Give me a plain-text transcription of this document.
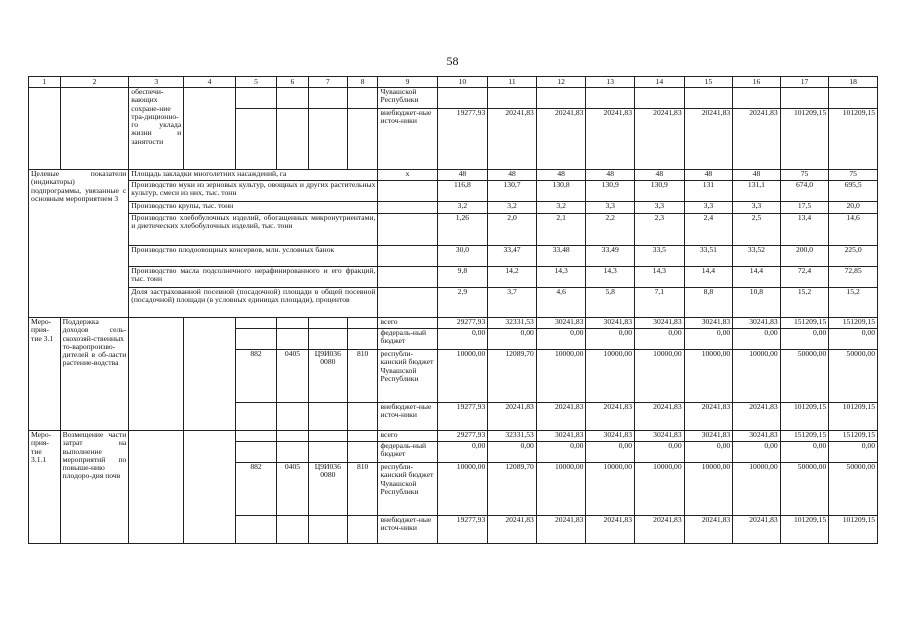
58
1	2	3	4	5	6	7	8	9	10	11	12	13	14	15	16	17	18
		обеспечи-вающих сохране-ние тра-диционно-го уклада жизни и занятости						Чувашской Республики									
								внебюджет-ные источ-ники	19277,93	20241,83	20241,83	20241,83	20241,83	20241,83	20241,83	101209,15	101209,15
Целевые показатели (индикаторы) подпрограммы, увязанные с основным мероприятием 3		Площадь закладки многолетних насаждений, га						х	48	48	48	48	48	48	48	75	75
		Производство муки из зерновых культур, овощных и других растительных культур, смеси из них, тыс. тонн							116,8	130,7	130,8	130,9	130,9	131	131,1	674,0	695,5
		Производство крупы, тыс. тонн							3,2	3,2	3,2	3,3	3,3	3,3	3,3	17,5	20,0
		Производство хлебобулочных изделий, обогащенных микронутриентами, и диетических хлебобулочных изделий, тыс. тонн							1,26	2,0	2,1	2,2	2,3	2,4	2,5	13,4	14,6
		Производство плодоовощных консервов, млн. условных банок							30,0	33,47	33,48	33,49	33,5	33,51	33,52	200,0	225,0
		Производство масла подсолнечного нерафинированного и его фракций, тыс. тонн							9,8	14,2	14,3	14,3	14,3	14,4	14,4	72,4	72,85
		Доля застрахованной посевной (посадочной) площади в общей посевной (посадочной) площади (в условных единицах площади), процентов							2,9	3,7	4,6	5,8	7,1	8,8	10,8	15,2	15,2
Меро-прия-тие 3.1	Поддержка доходов сель-скохозяй-ственных то-варопроизво-дителей в об-ласти растение-водства							всего	29277,93	32331,53	30241,83	30241,83	30241,83	30241,83	30241,83	151209,15	151209,15
								федераль-ный бюджет	0,00	0,00	0,00	0,00	0,00	0,00	0,00	0,00	0,00
				882	0405	Ц9И036 0080	810	республи-канский бюджет Чувашской Республики	10000,00	12089,70	10000,00	10000,00	10000,00	10000,00	10000,00	50000,00	50000,00
								внебюджет-ные источ-ники	19277,93	20241,83	20241,83	20241,83	20241,83	20241,83	20241,83	101209,15	101209,15
Меро-прия-тие 3.1.1	Возмещение части затрат на выполнение мероприятий по повыше-нию плодоро-дия почв							всего	29277,93	32331,53	30241,83	30241,83	30241,83	30241,83	30241,83	151209,15	151209,15
								федераль-ный бюджет	0,00	0,00	0,00	0,00	0,00	0,00	0,00	0,00	0,00
				882	0405	Ц9И036 0080	810	республи-канский бюджет Чувашской Республики	10000,00	12089,70	10000,00	10000,00	10000,00	10000,00	10000,00	50000,00	50000,00
								внебюджет-ные источ-ники	19277,93	20241,83	20241,83	20241,83	20241,83	20241,83	20241,83	101209,15	101209,15
